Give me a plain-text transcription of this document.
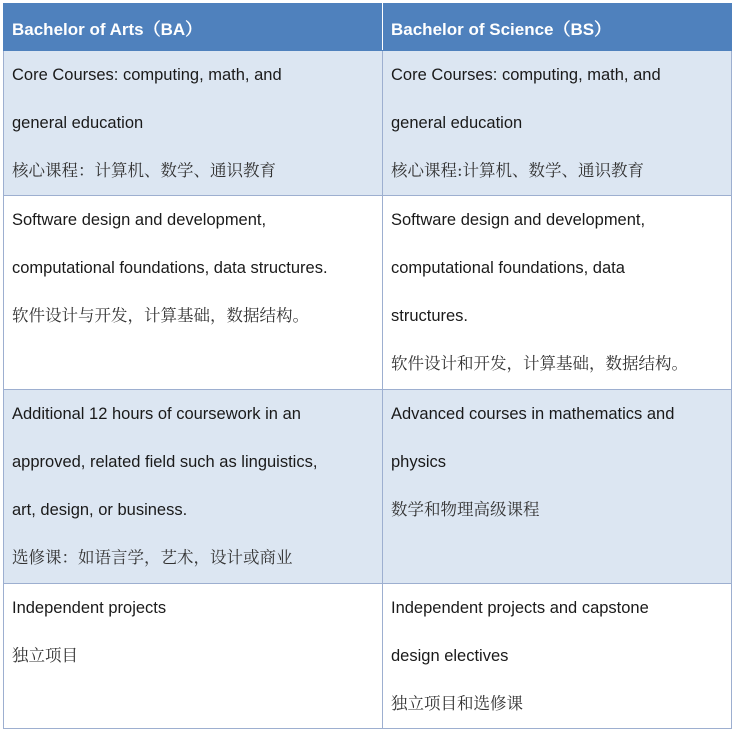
Bachelor of Arts（BA）	Bachelor of Science（BS）

Core Courses: computing, math, and
general education
核心课程：计算机、数学、通识教育	Core Courses: computing, math, and
general education
核心课程:计算机、数学、通识教育

Software design and development,
computational foundations, data structures.
软件设计与开发，计算基础，数据结构。	Software design and development,
computational foundations, data
structures.
软件设计和开发，计算基础，数据结构。

Additional 12 hours of coursework in an
approved, related field such as linguistics,
art, design, or business.
选修课：如语言学，艺术，设计或商业	Advanced courses in mathematics and
physics
数学和物理高级课程

Independent projects
独立项目	Independent projects and capstone
design electives
独立项目和选修课
